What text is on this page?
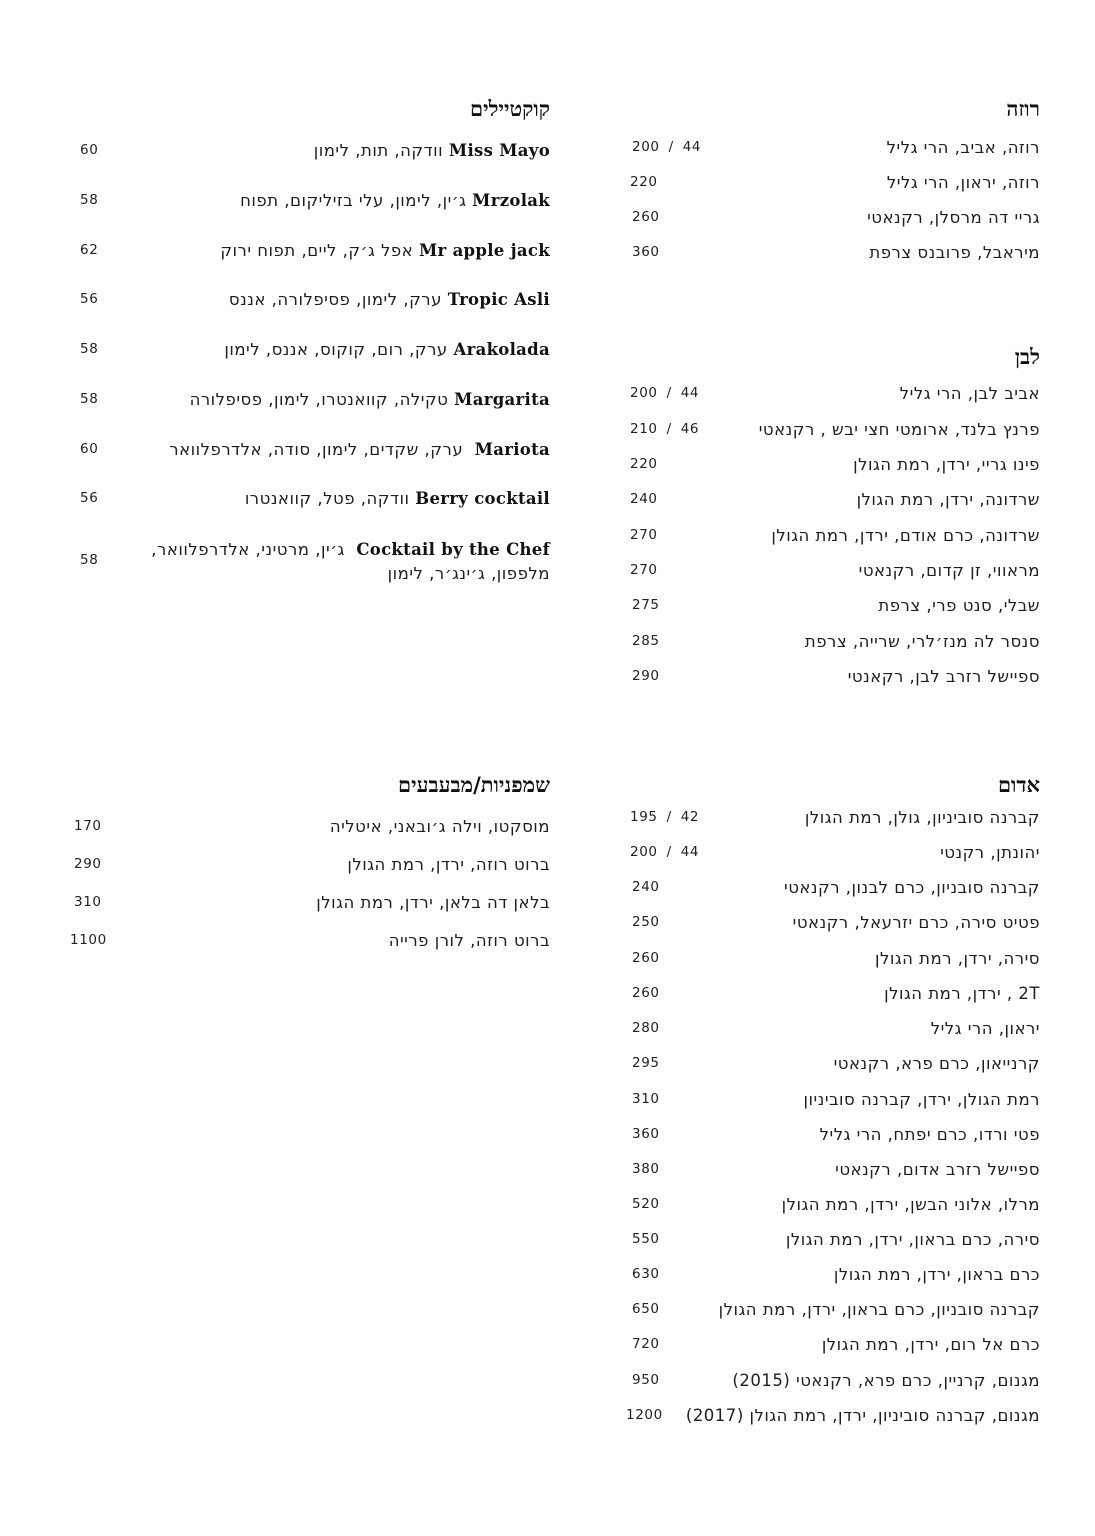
רוזה
רוזה, אביב, הרי גליל
200 / 44
רוזה, יראון, הרי גליל
220
גריי דה מרסלן, רקנאטי
260
מיראבל, פרובנס צרפת
360
לבן
אביב לבן, הרי גליל
200 / 44
פרנץ בלנד, ארומטי חצי יבש , רקנאטי
210 / 46
פינו גריי, ירדן, רמת הגולן
220
שרדונה, ירדן, רמת הגולן
240
שרדונה, כרם אודם, ירדן, רמת הגולן
270
מראווי, זן קדום, רקנאטי
270
שבלי, סנט פרי, צרפת
275
סנסר לה מנז׳לרי, שרייה, צרפת
285
ספיישל רזרב לבן, רקאנטי
290
אדום
קברנה סוביניון, גולן, רמת הגולן
195 / 42
יהונתן, רקנטי
200 / 44
קברנה סובניון, כרם לבנון, רקנאטי
240
פטיט סירה, כרם יזרעאל, רקנאטי
250
סירה, ירדן, רמת הגולן
260
2T , ירדן, רמת הגולן
260
יראון, הרי גליל
280
קרנייאון, כרם פרא, רקנאטי
295
רמת הגולן, ירדן, קברנה סוביניון
310
פטי ורדו, כרם יפתח, הרי גליל
360
ספיישל רזרב אדום, רקנאטי
380
מרלו, אלוני הבשן, ירדן, רמת הגולן
520
סירה, כרם בראון, ירדן, רמת הגולן
550
כרם בראון, ירדן, רמת הגולן
630
קברנה סובניון, כרם בראון, ירדן, רמת הגולן
650
כרם אל רום, ירדן, רמת הגולן
720
מגנום, קרניין, כרם פרא, רקנאטי (2015)
950
מגנום, קברנה סוביניון, ירדן, רמת הגולן (2017)
1200
קוקטיילים
Miss Mayo וודקה, תות, לימון
60
Mrzolak ג׳ין, לימון, עלי בזיליקום, תפוח
58
Mr apple jack אפל ג׳ק, ליים, תפוח ירוק
62
Tropic Asli ערק, לימון, פסיפלורה, אננס
56
Arakolada ערק, רום, קוקוס, אננס, לימון
58
Margarita טקילה, קוואנטרו, לימון, פסיפלורה
58
Mariota  ערק, שקדים, לימון, סודה, אלדרפלוואר
60
Berry cocktail וודקה, פטל, קוואנטרו
56
Cocktail by the Chef  ג׳ין, מרטיני, אלדרפלוואר,
מלפפון, ג׳ינג׳ר, לימון
58
שמפניות/מבעבעים
מוסקטו, וילה ג׳ובאני, איטליה
170
ברוט רוזה, ירדן, רמת הגולן
290
בלאן דה בלאן, ירדן, רמת הגולן
310
ברוט רוזה, לורן פרייה
1100
